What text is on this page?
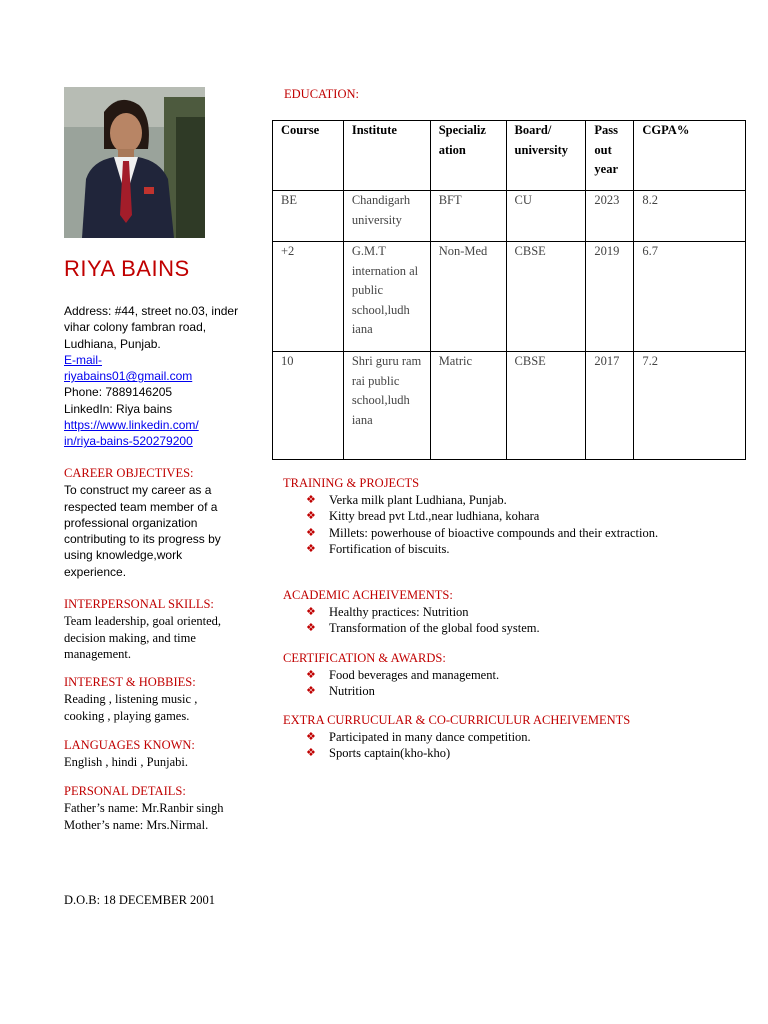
RIYA BAINS
Address: #44, street no.03, inder vihar colony fambran road, Ludhiana, Punjab.
E-mail-
riyabains01@gmail.com
Phone: 7889146205
LinkedIn: Riya bains
https://www.linkedin.com/
in/riya-bains-520279200
CAREER OBJECTIVES:
To construct my career as a respected team member of a professional organization contributing to its progress by using knowledge,work experience.
INTERPERSONAL SKILLS:
Team leadership, goal oriented, decision making, and time management.
INTEREST & HOBBIES:
Reading , listening music , cooking , playing games.
LANGUAGES KNOWN:
English , hindi , Punjabi.
PERSONAL DETAILS:
Father’s name: Mr.Ranbir singh
Mother’s name: Mrs.Nirmal.
D.O.B: 18 DECEMBER 2001
EDUCATION:
Course	Institute	Specializ ation	Board/ university	Pass out year	CGPA%
BE	Chandigarh university	BFT	CU	2023	8.2
+2	G.M.T internation al public school,ludh iana	Non-Med	CBSE	2019	6.7
10	Shri guru ram rai public school,ludh iana	Matric	CBSE	2017	7.2
TRAINING & PROJECTS
❖ Verka milk plant Ludhiana, Punjab.
❖ Kitty bread pvt Ltd.,near ludhiana, kohara
❖ Millets: powerhouse of bioactive compounds and their extraction.
❖ Fortification of biscuits.
ACADEMIC ACHEIVEMENTS:
❖ Healthy practices: Nutrition
❖ Transformation of the global food system.
CERTIFICATION & AWARDS:
❖ Food beverages and management.
❖ Nutrition
EXTRA CURRUCULAR & CO-CURRICULUR ACHEIVEMENTS
❖ Participated in many dance competition.
❖ Sports captain(kho-kho)
